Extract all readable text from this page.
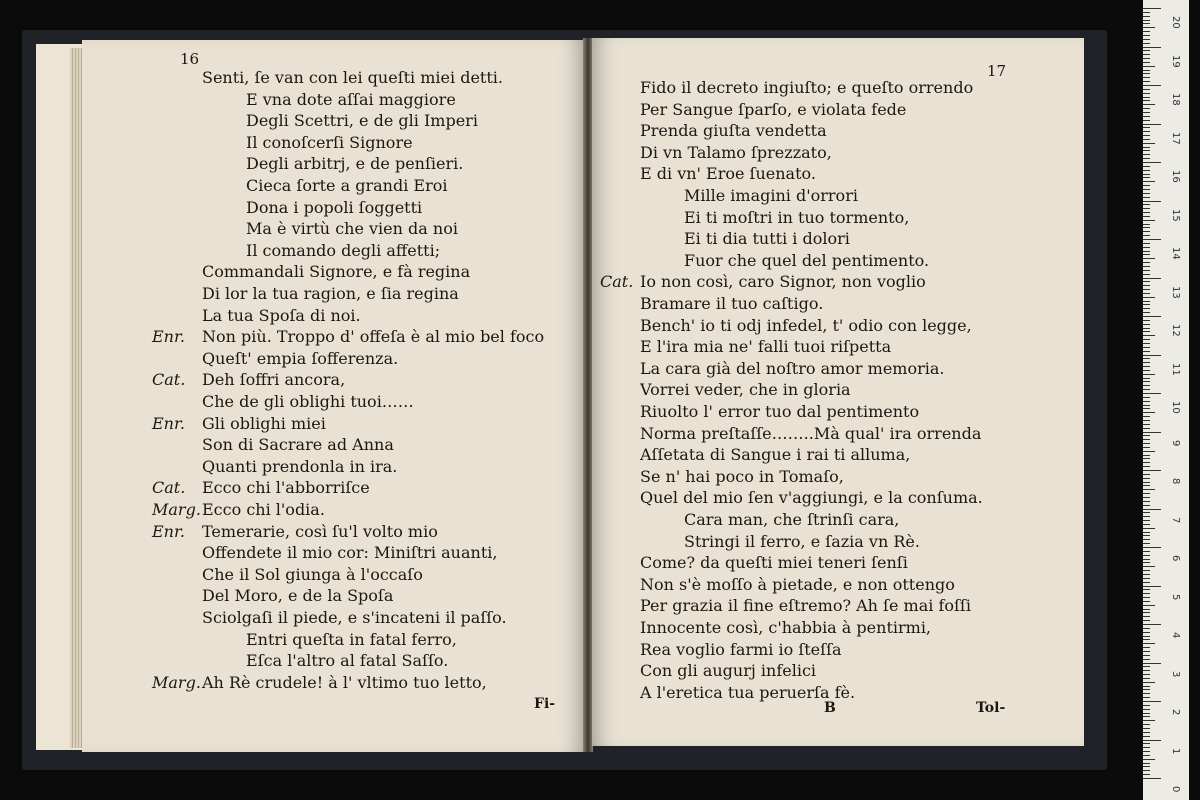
16
Senti, ſe van con lei queſti miei detti.
E vna dote aſſai maggiore
Degli Scettri, e de gli Imperi
Il conoſcerſi Signore
Degli arbitrj, e de penſieri.
Cieca ſorte a grandi Eroi
Dona i popoli ſoggetti
Ma è virtù che vien da noi
Il comando degli affetti;
Commandali Signore, e fà regina
Di lor la tua ragion, e ſia regina
La tua Spoſa di noi.
Enr. Non più. Troppo d' offeſa è al mio bel foco
Queſt' empia ſofferenza.
Cat. Deh ſoffri ancora,
Che de gli oblighi tuoi……
Enr. Gli oblighi miei
Son di Sacrare ad Anna
Quanti prendonla in ira.
Cat. Ecco chi l'abborriſce
Marg. Ecco chi l'odia.
Enr. Temerarie, così ſu'l volto mio
Offendete il mio cor: Miniſtri auanti,
Che il Sol giunga à l'occaſo
Del Moro, e de la Spoſa
Sciolgaſi il piede, e s'incateni il paſſo.
Entri queſta in fatal ferro,
Eſca l'altro al fatal Saſſo.
Marg. Ah Rè crudele! à l' vltimo tuo letto,
Fi-
17
Fido il decreto ingiuſto; e queſto orrendo
Per Sangue ſparſo, e violata fede
Prenda giuſta vendetta
Di vn Talamo ſprezzato,
E di vn' Eroe ſuenato.
Mille imagini d'orrori
Ei ti moſtri in tuo tormento,
Ei ti dia tutti i dolori
Fuor che quel del pentimento.
Cat. Io non così, caro Signor, non voglio
Bramare il tuo caſtigo.
Bench' io ti odj infedel, t' odio con legge,
E l'ira mia ne' falli tuoi riſpetta
La cara già del noſtro amor memoria.
Vorrei veder, che in gloria
Riuolto l' error tuo dal pentimento
Norma preſtaſſe……..Mà qual' ira orrenda
Aſſetata di Sangue i rai ti alluma,
Se n' hai poco in Tomaſo,
Quel del mio ſen v'aggiungi, e la conſuma.
Cara man, che ſtrinſi cara,
Stringi il ferro, e ſazia vn Rè.
Come? da queſti miei teneri ſenſi
Non s'è moſſo à pietade, e non ottengo
Per grazia il fine eſtremo? Ah ſe mai foſſi
Innocente così, c'habbia à pentirmi,
Rea voglio farmi io ſteſſa
Con gli augurj infelici
A l'eretica tua peruerſa fè.
B	Tol-
20
19
18
17
16
15
14
13
12
11
10
9
8
7
6
5
4
3
2
1
0
